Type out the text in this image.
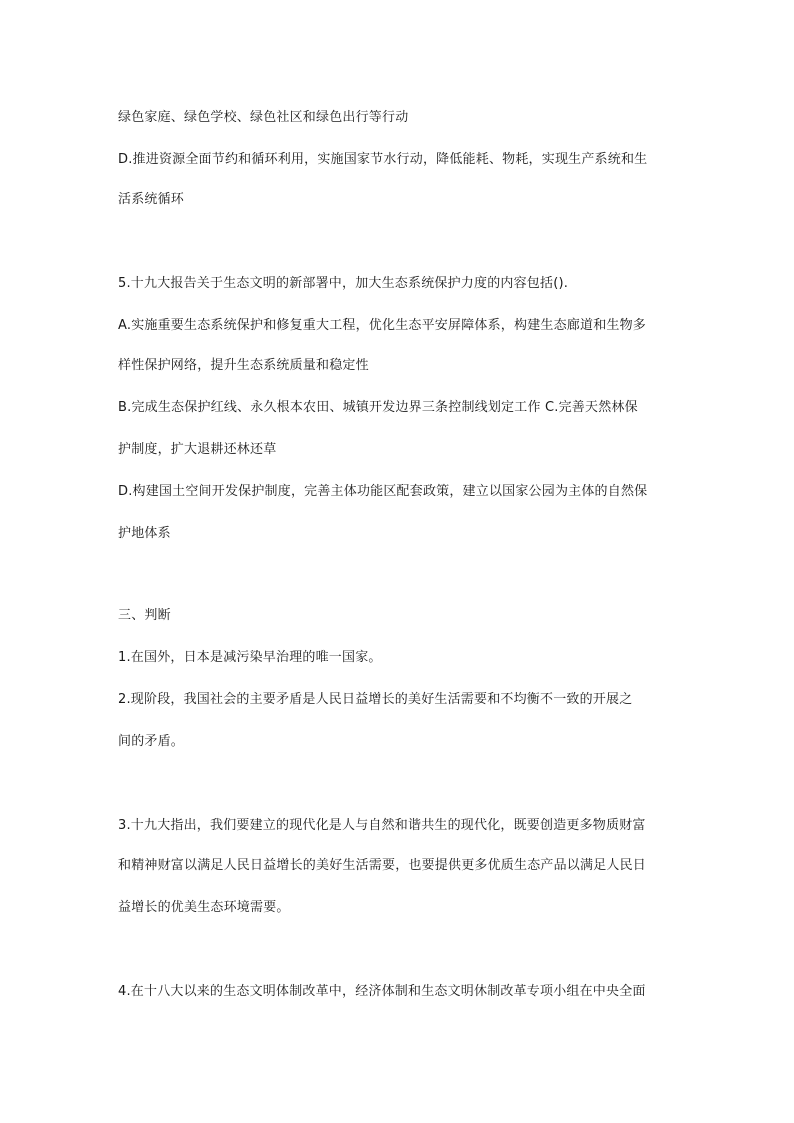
绿色家庭、绿色学校、绿色社区和绿色出行等行动
D.推进资源全面节约和循环利用，实施国家节水行动，降低能耗、物耗，实现生产系统和生
活系统循环
5.十九大报告关于生态文明的新部署中，加大生态系统保护力度的内容包括().
A.实施重要生态系统保护和修复重大工程，优化生态平安屏障体系，构建生态廊道和生物多
样性保护网络，提升生态系统质量和稳定性
B.完成生态保护红线、永久根本农田、城镇开发边界三条控制线划定工作 C.完善天然林保
护制度，扩大退耕还林还草
D.构建国土空间开发保护制度，完善主体功能区配套政策，建立以国家公园为主体的自然保
护地体系
三、判断
1.在国外，日本是减污染早治理的唯一国家。
2.现阶段，我国社会的主要矛盾是人民日益增长的美好生活需要和不均衡不一致的开展之
间的矛盾。
3.十九大指出，我们要建立的现代化是人与自然和谐共生的现代化，既要创造更多物质财富
和精神财富以满足人民日益增长的美好生活需要，也要提供更多优质生态产品以满足人民日
益增长的优美生态环境需要。
4.在十八大以来的生态文明体制改革中，经济体制和生态文明休制改革专项小组在中央全面
